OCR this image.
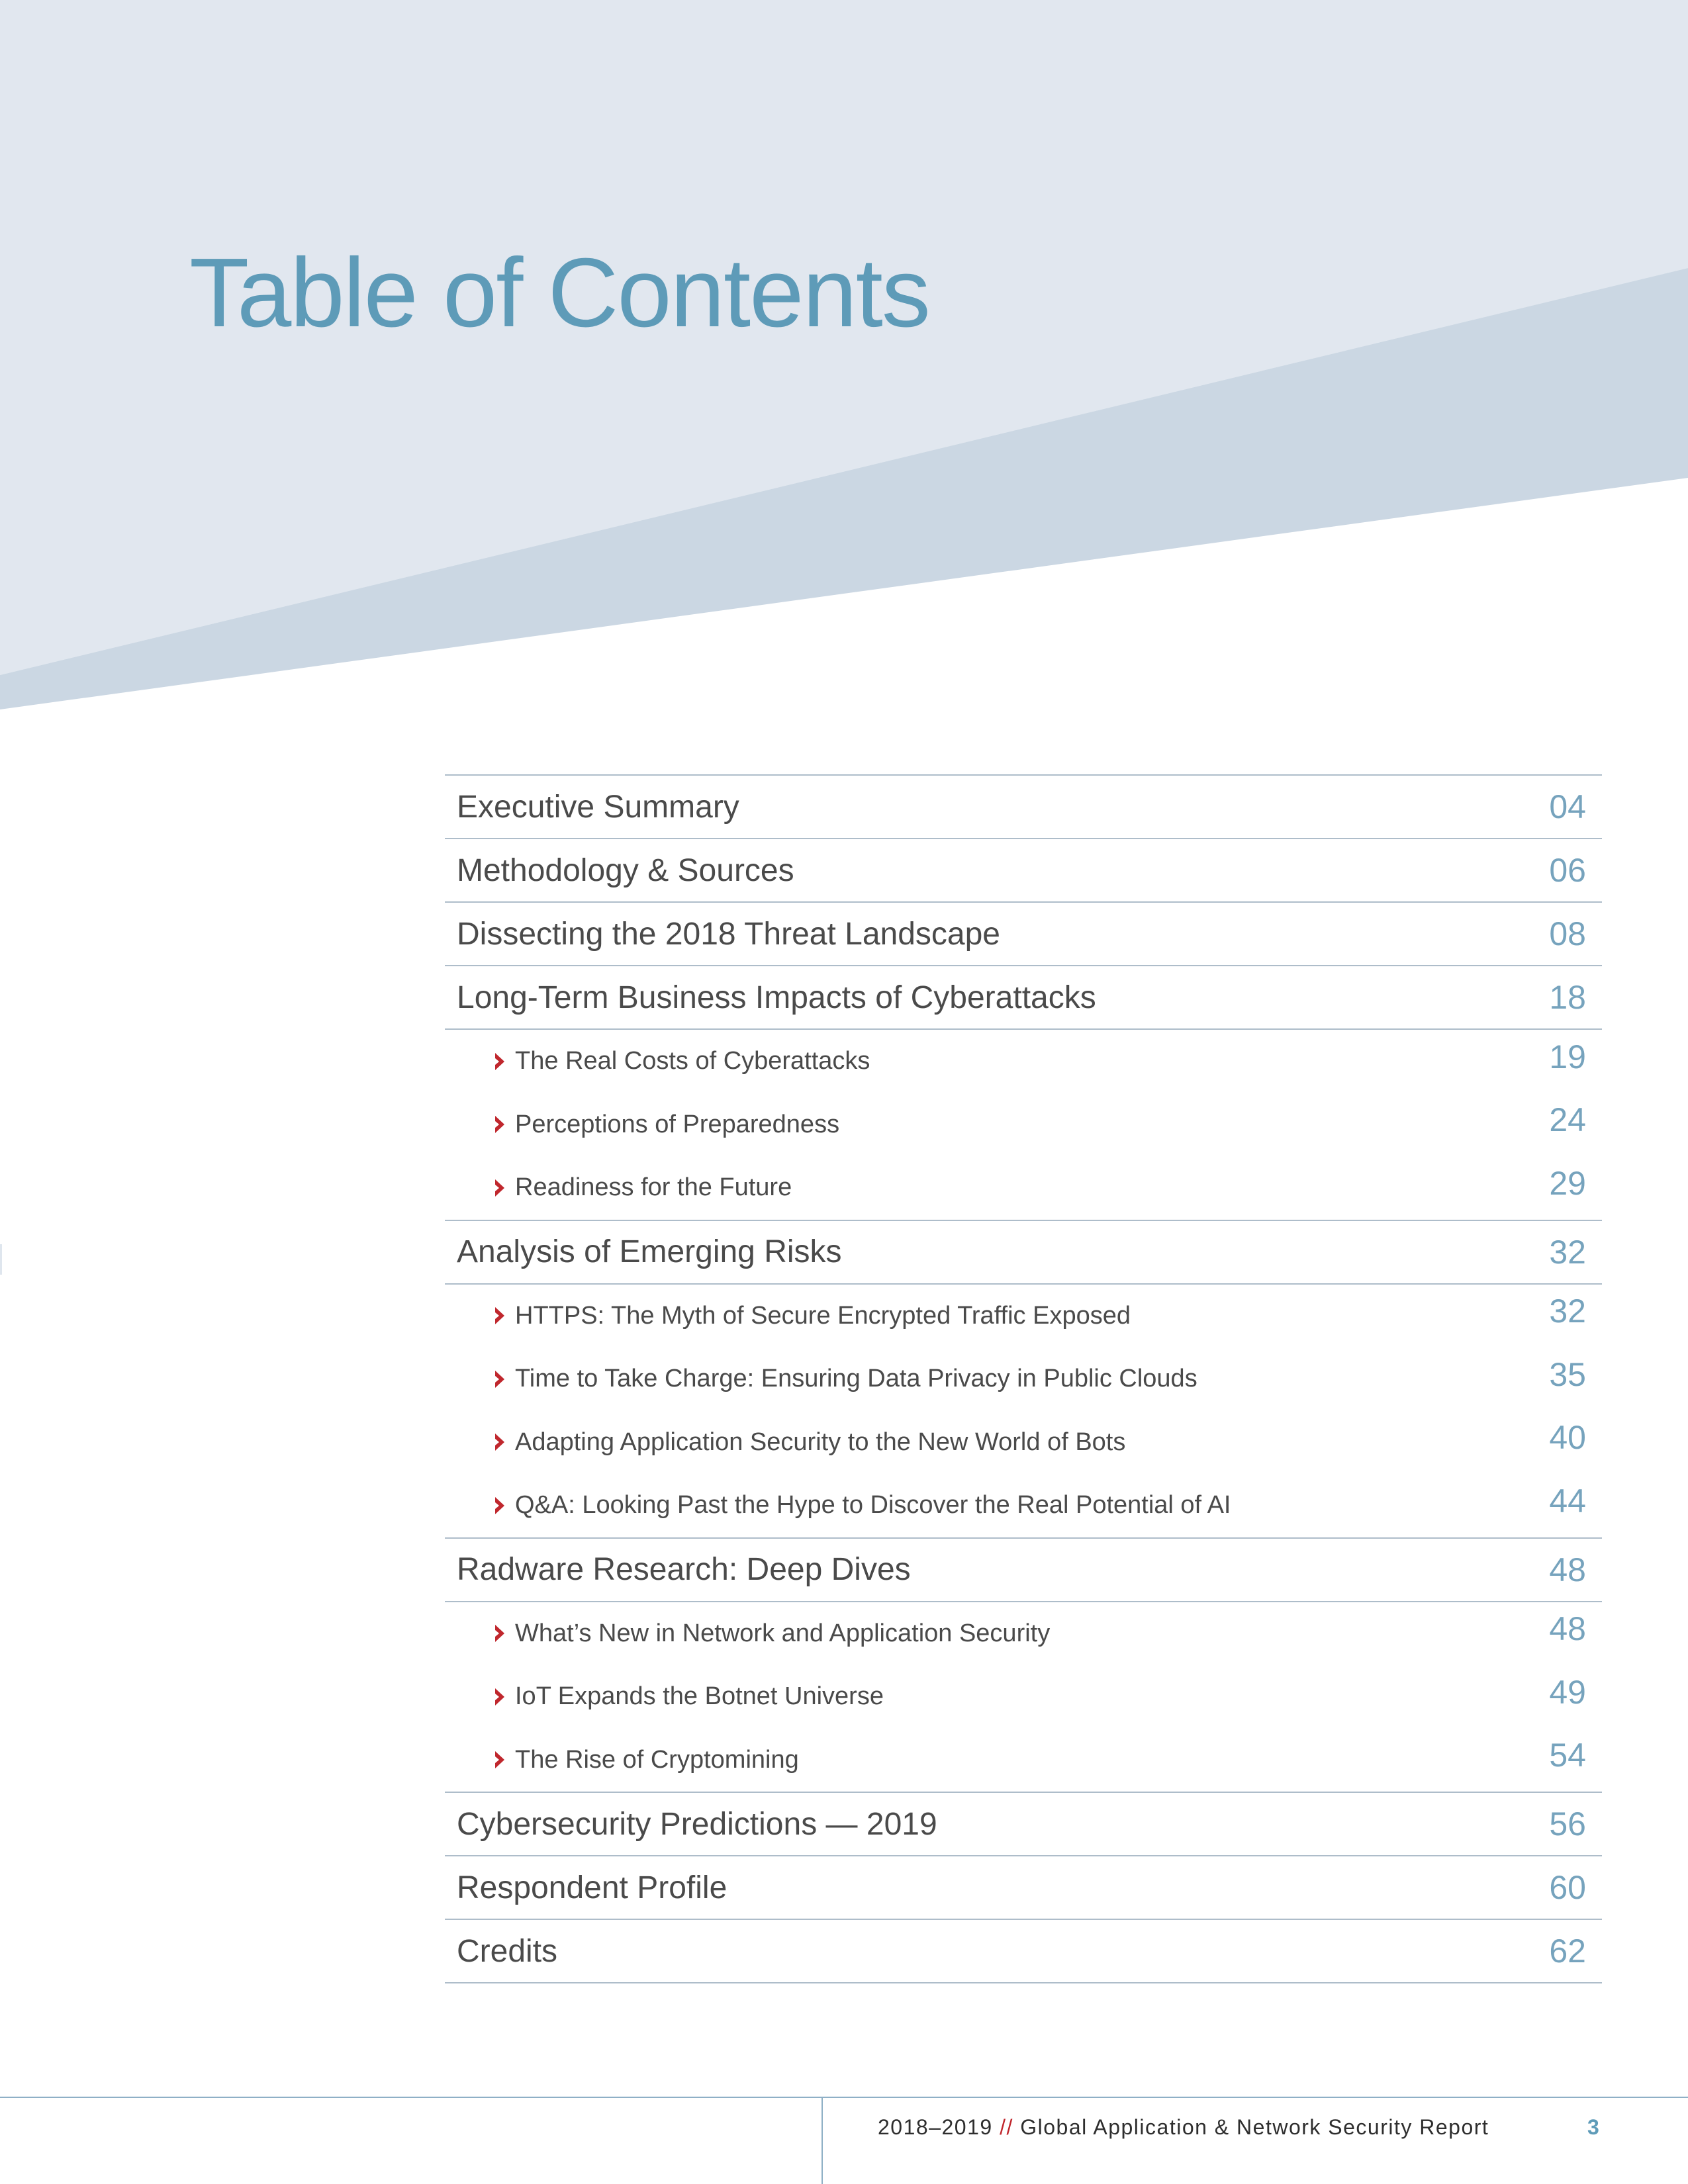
Table of Contents
Executive Summary	04
Methodology & Sources	06
Dissecting the 2018 Threat Landscape	08
Long-Term Business Impacts of Cyberattacks	18
The Real Costs of Cyberattacks	19
Perceptions of Preparedness	24
Readiness for the Future	29
Analysis of Emerging Risks	32
HTTPS: The Myth of Secure Encrypted Traffic Exposed	32
Time to Take Charge: Ensuring Data Privacy in Public Clouds	35
Adapting Application Security to the New World of Bots	40
Q&A: Looking Past the Hype to Discover the Real Potential of AI	44
Radware Research: Deep Dives	48
What’s New in Network and Application Security	48
IoT Expands the Botnet Universe	49
The Rise of Cryptomining	54
Cybersecurity Predictions — 2019	56
Respondent Profile	60
Credits	62
2018–2019 // Global Application & Network Security Report	3
